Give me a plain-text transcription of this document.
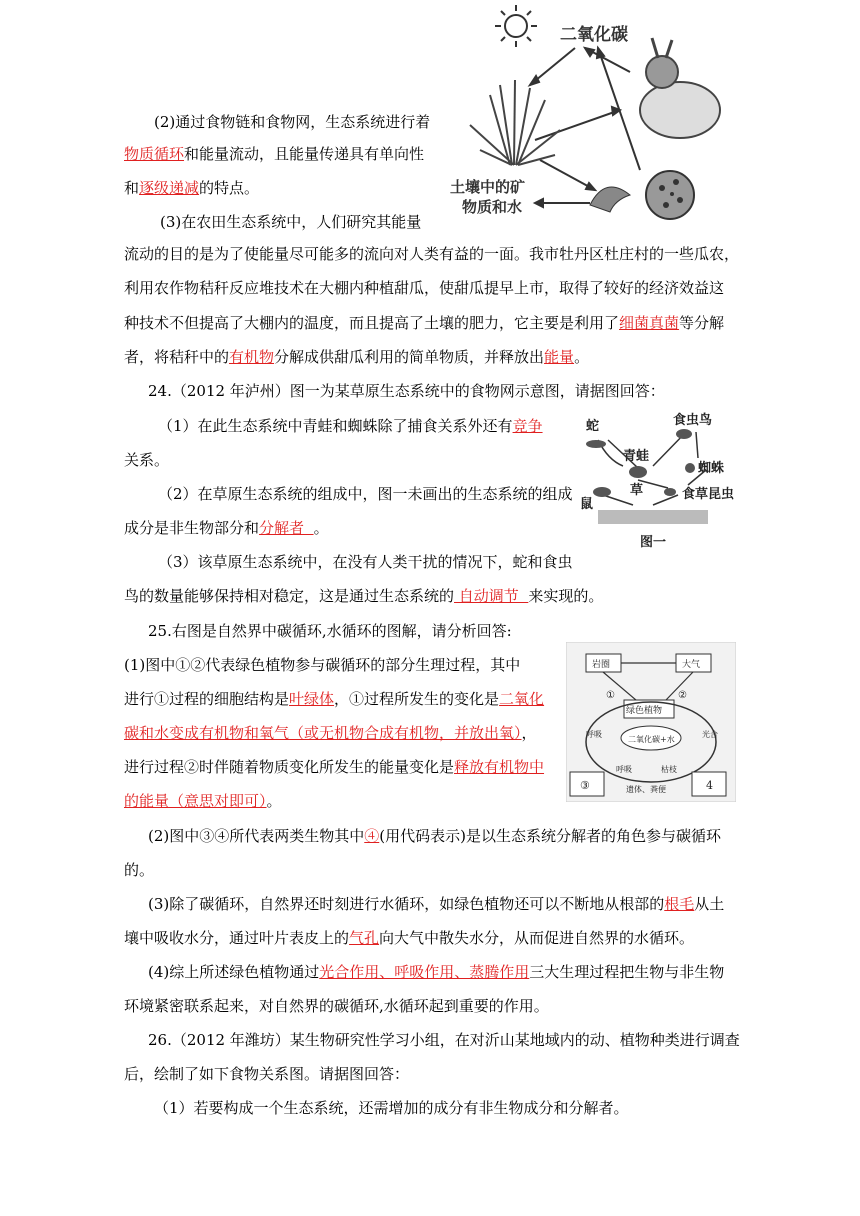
二氧化碳
土壤中的矿
物质和水
(2)通过食物链和食物网，生态系统进行着
物质循环和能量流动，且能量传递具有单向性
和逐级递减的特点。
(3)在农田生态系统中，人们研究其能量
流动的目的是为了使能量尽可能多的流向对人类有益的一面。我市牡丹区杜庄村的一些瓜农，
利用农作物秸秆反应堆技术在大棚内种植甜瓜，使甜瓜提早上市，取得了较好的经济效益这
种技术不但提高了大棚内的温度，而且提高了土壤的肥力，它主要是利用了细菌真菌等分解
者，将秸秆中的有机物分解成供甜瓜利用的简单物质，并释放出能量。
24.（2012 年泸州）图一为某草原生态系统中的食物网示意图，请据图回答：
（1）在此生态系统中青蛙和蜘蛛除了捕食关系外还有竞争
关系。
（2）在草原生态系统的组成中，图一未画出的生态系统的组成
成分是非生物部分和分解者  。
（3）该草原生态系统中，在没有人类干扰的情况下，蛇和食虫
鸟的数量能够保持相对稳定，这是通过生态系统的 自动调节  来实现的。
蛇	食虫鸟
青蛙
蜘蛛
鼠
草	食草昆虫
图一
25.右图是自然界中碳循环,水循环的图解，请分析回答:
(1)图中①②代表绿色植物参与碳循环的部分生理过程，其中
进行①过程的细胞结构是叶绿体，①过程所发生的变化是二氧化
碳和水变成有机物和氧气（或无机物合成有机物，并放出氧），
进行过程②时伴随着物质变化所发生的能量变化是释放有机物中
的能量（意思对即可）。
岩圈	大气
绿色植物
①	②
呼吸	光合
二氧化碳+水
③	4
呼吸	枯枝
遗体、粪便
(2)图中③④所代表两类生物其中④(用代码表示)是以生态系统分解者的角色参与碳循环
的。
(3)除了碳循环，自然界还时刻进行水循环，如绿色植物还可以不断地从根部的根毛从土
壤中吸收水分，通过叶片表皮上的气孔向大气中散失水分，从而促进自然界的水循环。
(4)综上所述绿色植物通过光合作用、呼吸作用、蒸腾作用三大生理过程把生物与非生物
环境紧密联系起来，对自然界的碳循环,水循环起到重要的作用。
26.（2012 年潍坊）某生物研究性学习小组，在对沂山某地域内的动、植物种类进行调查
后，绘制了如下食物关系图。请据图回答：
（1）若要构成一个生态系统，还需增加的成分有非生物成分和分解者。
